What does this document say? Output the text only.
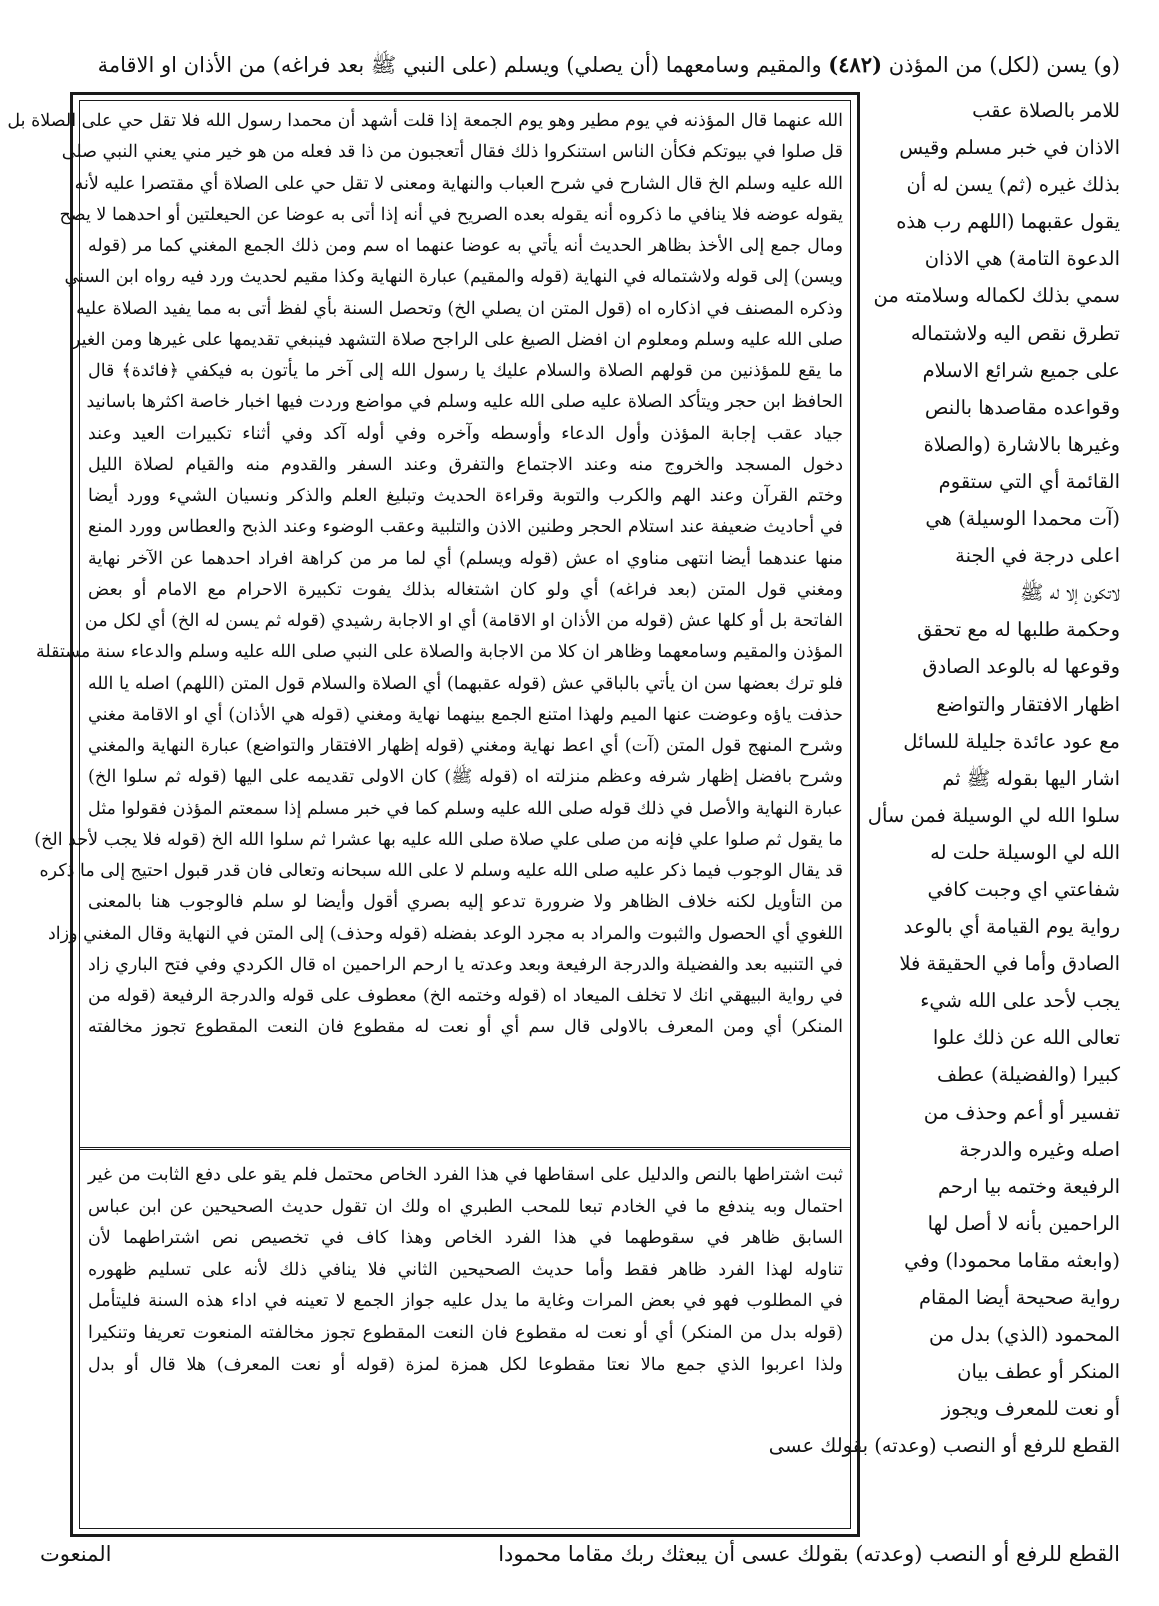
(و) يسن (لكل) من المؤذن (٤٨٢) والمقيم وسامعهما (أن يصلي) ويسلم (على النبي ﷺ بعد فراغه) من الأذان او الاقامة
للامر بالصلاة عقب
الاذان في خبر مسلم وقيس
بذلك غيره (ثم) يسن له أن
يقول عقبهما (اللهم رب هذه
الدعوة التامة) هي الاذان
سمي بذلك لكماله وسلامته من
تطرق نقص اليه ولاشتماله
على جميع شرائع الاسلام
وقواعده مقاصدها بالنص
وغيرها بالاشارة (والصلاة
القائمة أي التي ستقوم
(آت محمدا الوسيلة) هي
اعلى درجة في الجنة
لاتكون إلا له ﷺ
وحكمة طلبها له مع تحقق
وقوعها له بالوعد الصادق
اظهار الافتقار والتواضع
مع عود عائدة جليلة للسائل
اشار اليها بقوله ﷺ ثم
سلوا الله لي الوسيلة فمن سأل
الله لي الوسيلة حلت له
شفاعتي اي وجبت كافي
رواية يوم القيامة أي بالوعد
الصادق وأما في الحقيقة فلا
يجب لأحد على الله شيء
تعالى الله عن ذلك علوا
كبيرا (والفضيلة) عطف
تفسير أو أعم وحذف من
اصله وغيره والدرجة
الرفيعة وختمه بيا ارحم
الراحمين بأنه لا أصل لها
(وابعثه مقاما محمودا) وفي
رواية صحيحة أيضا المقام
المحمود (الذي) بدل من
المنكر أو عطف بيان
أو نعت للمعرف ويجوز
القطع للرفع أو النصب (وعدته) بقولك عسى
الله عنهما قال المؤذنه في يوم مطير وهو يوم الجمعة إذا قلت أشهد أن محمدا رسول الله فلا تقل حي على الصلاة بل
قل صلوا في بيوتكم فكأن الناس استنكروا ذلك فقال أتعجبون من ذا قد فعله من هو خير مني يعني النبي صلى
الله عليه وسلم الخ قال الشارح في شرح العباب والنهاية ومعنى لا تقل حي على الصلاة أي مقتصرا عليه لأنه
يقوله عوضه فلا ينافي ما ذكروه أنه يقوله بعده الصريح في أنه إذا أتى به عوضا عن الحيعلتين أو احدهما لا يصح
ومال جمع إلى الأخذ بظاهر الحديث أنه يأتي به عوضا عنهما اه سم ومن ذلك الجمع المغني كما مر (قوله
ويسن) إلى قوله ولاشتماله في النهاية (قوله والمقيم) عبارة النهاية وكذا مقيم لحديث ورد فيه رواه ابن السني
وذكره المصنف في اذكاره اه (قول المتن ان يصلي الخ) وتحصل السنة بأي لفظ أتى به مما يفيد الصلاة عليه
صلى الله عليه وسلم ومعلوم ان افضل الصيغ على الراجح صلاة التشهد فينبغي تقديمها على غيرها ومن الغير
ما يقع للمؤذنين من قولهم الصلاة والسلام عليك يا رسول الله إلى آخر ما يأتون به فيكفي ﴿فائدة﴾ قال
الحافظ ابن حجر ويتأكد الصلاة عليه صلى الله عليه وسلم في مواضع وردت فيها اخبار خاصة اكثرها باسانيد
جياد عقب إجابة المؤذن وأول الدعاء وأوسطه وآخره وفي أوله آكد وفي أثناء تكبيرات العيد وعند
دخول المسجد والخروج منه وعند الاجتماع والتفرق وعند السفر والقدوم منه والقيام لصلاة الليل
وختم القرآن وعند الهم والكرب والتوبة وقراءة الحديث وتبليغ العلم والذكر ونسيان الشيء وورد أيضا
في أحاديث ضعيفة عند استلام الحجر وطنين الاذن والتلبية وعقب الوضوء وعند الذبح والعطاس وورد المنع
منها عندهما أيضا انتهى مناوي اه عش (قوله ويسلم) أي لما مر من كراهة افراد احدهما عن الآخر نهاية
ومغني قول المتن (بعد فراغه) أي ولو كان اشتغاله بذلك يفوت تكبيرة الاحرام مع الامام أو بعض
الفاتحة بل أو كلها عش (قوله من الأذان او الاقامة) أي او الاجابة رشيدي (قوله ثم يسن له الخ) أي لكل من
المؤذن والمقيم وسامعهما وظاهر ان كلا من الاجابة والصلاة على النبي صلى الله عليه وسلم والدعاء سنة مستقلة
فلو ترك بعضها سن ان يأتي بالباقي عش (قوله عقبهما) أي الصلاة والسلام قول المتن (اللهم) اصله يا الله
حذفت ياؤه وعوضت عنها الميم ولهذا امتنع الجمع بينهما نهاية ومغني (قوله هي الأذان) أي او الاقامة مغني
وشرح المنهج قول المتن (آت) أي اعط نهاية ومغني (قوله إظهار الافتقار والتواضع) عبارة النهاية والمغني
وشرح بافضل إظهار شرفه وعظم منزلته اه (قوله ﷺ) كان الاولى تقديمه على اليها (قوله ثم سلوا الخ)
عبارة النهاية والأصل في ذلك قوله صلى الله عليه وسلم كما في خبر مسلم إذا سمعتم المؤذن فقولوا مثل
ما يقول ثم صلوا علي فإنه من صلى علي صلاة صلى الله عليه بها عشرا ثم سلوا الله الخ (قوله فلا يجب لأحد الخ)
قد يقال الوجوب فيما ذكر عليه صلى الله عليه وسلم لا على الله سبحانه وتعالى فان قدر قبول احتيج إلى ما ذكره
من التأويل لكنه خلاف الظاهر ولا ضرورة تدعو إليه بصري أقول وأيضا لو سلم فالوجوب هنا بالمعنى
اللغوي أي الحصول والثبوت والمراد به مجرد الوعد بفضله (قوله وحذف) إلى المتن في النهاية وقال المغني وزاد
في التنبيه بعد والفضيلة والدرجة الرفيعة وبعد وعدته يا ارحم الراحمين اه قال الكردي وفي فتح الباري زاد
في رواية البيهقي انك لا تخلف الميعاد اه (قوله وختمه الخ) معطوف على قوله والدرجة الرفيعة (قوله من
المنكر) أي ومن المعرف بالاولى قال سم أي أو نعت له مقطوع فان النعت المقطوع تجوز مخالفته
ثبت اشتراطها بالنص والدليل على اسقاطها في هذا الفرد الخاص محتمل فلم يقو على دفع الثابت من غير
احتمال وبه يندفع ما في الخادم تبعا للمحب الطبري اه ولك ان تقول حديث الصحيحين عن ابن عباس
السابق ظاهر في سقوطهما في هذا الفرد الخاص وهذا كاف في تخصيص نص اشتراطهما لأن
تناوله لهذا الفرد ظاهر فقط وأما حديث الصحيحين الثاني فلا ينافي ذلك لأنه على تسليم ظهوره
في المطلوب فهو في بعض المرات وغاية ما يدل عليه جواز الجمع لا تعينه في اداء هذه السنة فليتأمل
(قوله بدل من المنكر) أي أو نعت له مقطوع فان النعت المقطوع تجوز مخالفته المنعوت تعريفا وتنكيرا
ولذا اعربوا الذي جمع مالا نعتا مقطوعا لكل همزة لمزة (قوله أو نعت المعرف) هلا قال أو بدل
القطع للرفع أو النصب (وعدته) بقولك عسى أن يبعثك ربك مقاما محمودا
المنعوت
